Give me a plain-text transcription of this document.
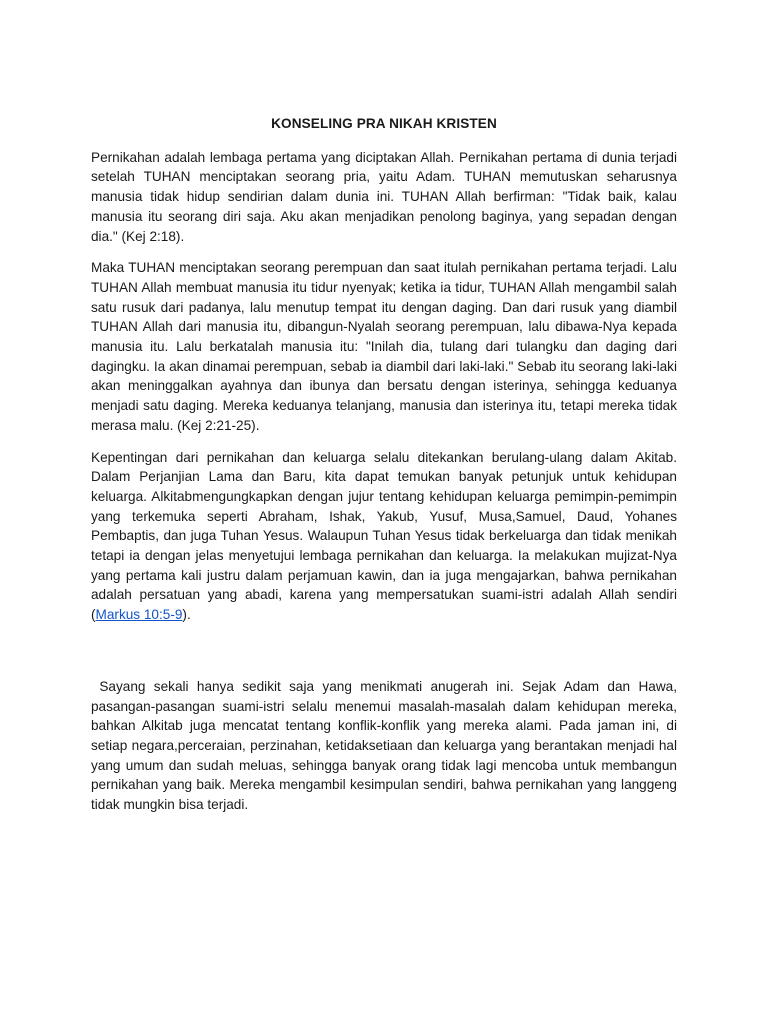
KONSELING PRA NIKAH KRISTEN

Pernikahan adalah lembaga pertama yang diciptakan Allah. Pernikahan pertama di dunia terjadi setelah TUHAN menciptakan seorang pria, yaitu Adam. TUHAN memutuskan seharusnya manusia tidak hidup sendirian dalam dunia ini. TUHAN Allah berfirman: "Tidak baik, kalau manusia itu seorang diri saja. Aku akan menjadikan penolong baginya, yang sepadan dengan dia." (Kej 2:18).

Maka TUHAN menciptakan seorang perempuan dan saat itulah pernikahan pertama terjadi. Lalu TUHAN Allah membuat manusia itu tidur nyenyak; ketika ia tidur, TUHAN Allah mengambil salah satu rusuk dari padanya, lalu menutup tempat itu dengan daging. Dan dari rusuk yang diambil TUHAN Allah dari manusia itu, dibangun-Nyalah seorang perempuan, lalu dibawa-Nya kepada manusia itu. Lalu berkatalah manusia itu: "Inilah dia, tulang dari tulangku dan daging dari dagingku. Ia akan dinamai perempuan, sebab ia diambil dari laki-laki." Sebab itu seorang laki-laki akan meninggalkan ayahnya dan ibunya dan bersatu dengan isterinya, sehingga keduanya menjadi satu daging. Mereka keduanya telanjang, manusia dan isterinya itu, tetapi mereka tidak merasa malu. (Kej 2:21-25).

Kepentingan dari pernikahan dan keluarga selalu ditekankan berulang-ulang dalam Akitab. Dalam Perjanjian Lama dan Baru, kita dapat temukan banyak petunjuk untuk kehidupan keluarga. Alkitabmengungkapkan dengan jujur tentang kehidupan keluarga pemimpin-pemimpin yang terkemuka seperti Abraham, Ishak, Yakub, Yusuf, Musa,Samuel, Daud, Yohanes Pembaptis, dan juga Tuhan Yesus. Walaupun Tuhan Yesus tidak berkeluarga dan tidak menikah tetapi ia dengan jelas menyetujui lembaga pernikahan dan keluarga. Ia melakukan mujizat-Nya yang pertama kali justru dalam perjamuan kawin, dan ia juga mengajarkan, bahwa pernikahan adalah persatuan yang abadi, karena yang mempersatukan suami-istri adalah Allah sendiri (Markus 10:5-9).

Sayang sekali hanya sedikit saja yang menikmati anugerah ini. Sejak Adam dan Hawa, pasangan-pasangan suami-istri selalu menemui masalah-masalah dalam kehidupan mereka, bahkan Alkitab juga mencatat tentang konflik-konflik yang mereka alami. Pada jaman ini, di setiap negara,perceraian, perzinahan, ketidaksetiaan dan keluarga yang berantakan menjadi hal yang umum dan sudah meluas, sehingga banyak orang tidak lagi mencoba untuk membangun pernikahan yang baik. Mereka mengambil kesimpulan sendiri, bahwa pernikahan yang langgeng tidak mungkin bisa terjadi.
